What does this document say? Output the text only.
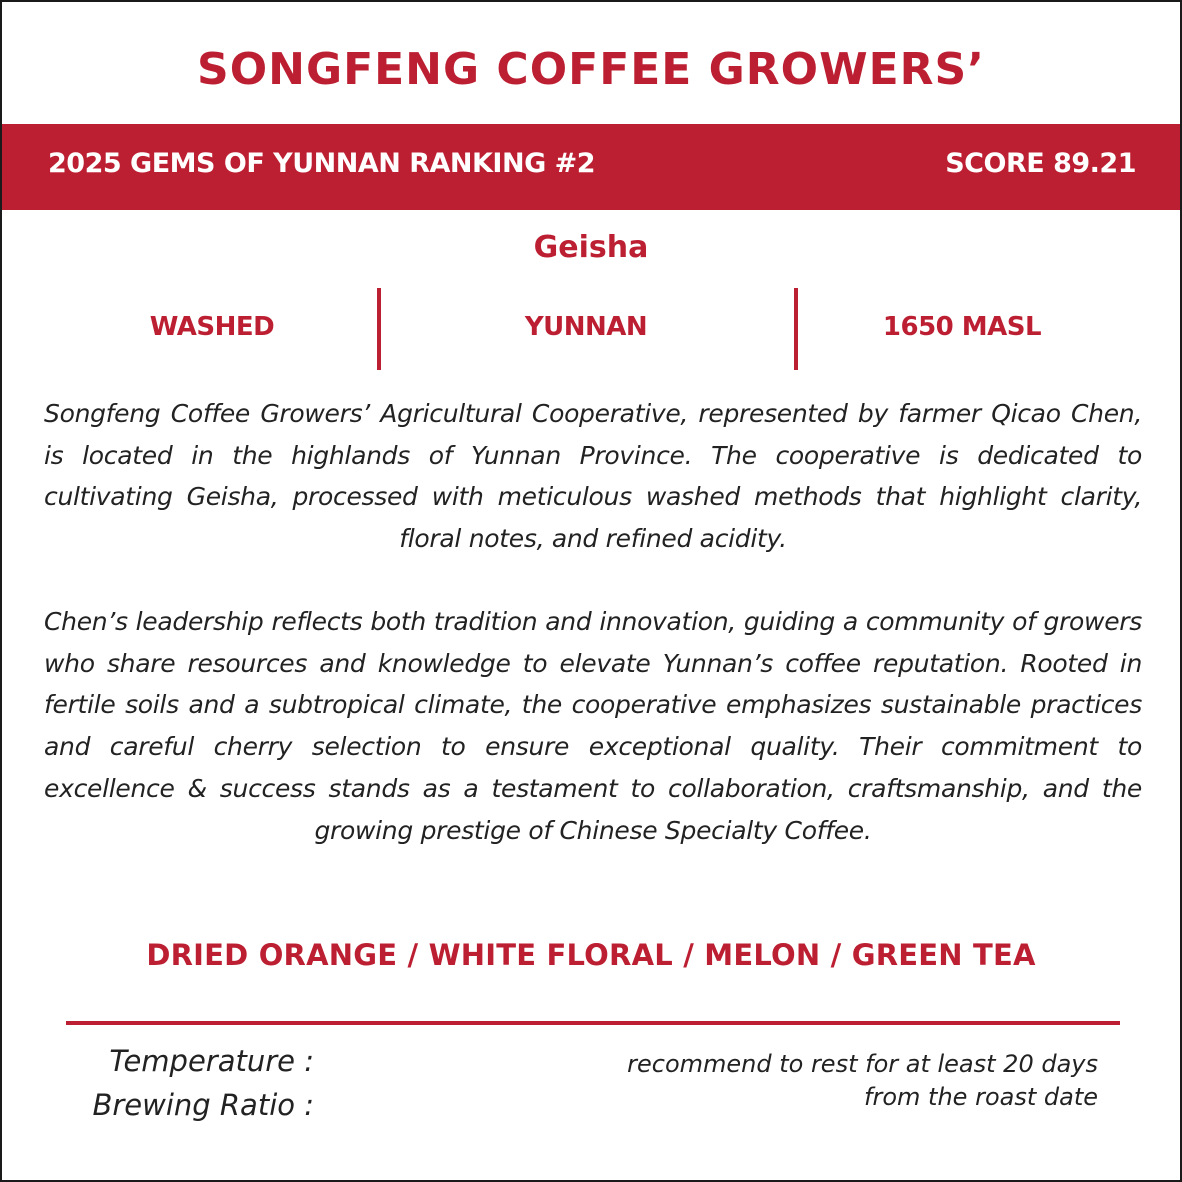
SONGFENG COFFEE GROWERS’
2025 GEMS OF YUNNAN RANKING #2	SCORE 89.21
Geisha
WASHED	YUNNAN	1650 MASL

Songfeng Coffee Growers’ Agricultural Cooperative, represented by farmer Qicao Chen, is located in the highlands of Yunnan Province. The cooperative is dedicated to cultivating Geisha, processed with meticulous washed methods that highlight clarity, floral notes, and refined acidity.

Chen’s leadership reflects both tradition and innovation, guiding a community of growers who share resources and knowledge to elevate Yunnan’s coffee reputation. Rooted in fertile soils and a subtropical climate, the cooperative emphasizes sustainable practices and careful cherry selection to ensure exceptional quality. Their commitment to excellence & success stands as a testament to collaboration, craftsmanship, and the growing prestige of Chinese Specialty Coffee.

DRIED ORANGE / WHITE FLORAL / MELON / GREEN TEA
Temperature :
Brewing Ratio :
recommend to rest for at least 20 days
from the roast date
